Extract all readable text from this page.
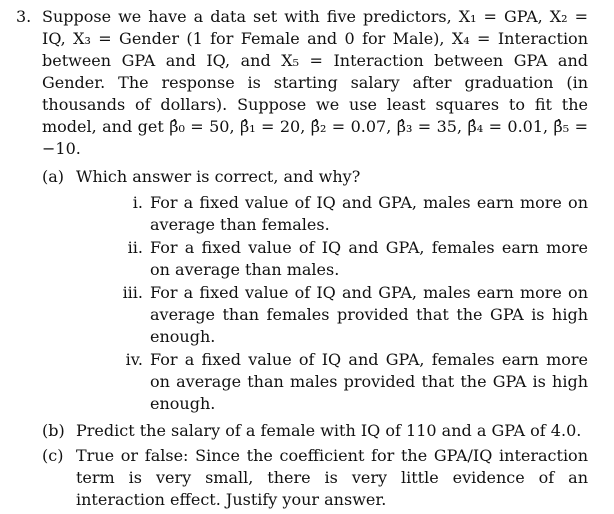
3. Suppose we have a data set with five predictors, X₁ = GPA, X₂ = IQ, X₃ = Gender (1 for Female and 0 for Male), X₄ = Interaction between GPA and IQ, and X₅ = Interaction between GPA and Gender. The response is starting salary after graduation (in thousands of dollars). Suppose we use least squares to fit the model, and get β̂₀ = 50, β̂₁ = 20, β̂₂ = 0.07, β̂₃ = 35, β̂₄ = 0.01, β̂₅ = −10.

(a) Which answer is correct, and why?
i. For a fixed value of IQ and GPA, males earn more on average than females.
ii. For a fixed value of IQ and GPA, females earn more on average than males.
iii. For a fixed value of IQ and GPA, males earn more on average than females provided that the GPA is high enough.
iv. For a fixed value of IQ and GPA, females earn more on average than males provided that the GPA is high enough.
(b) Predict the salary of a female with IQ of 110 and a GPA of 4.0.
(c) True or false: Since the coefficient for the GPA/IQ interaction term is very small, there is very little evidence of an interaction effect. Justify your answer.
